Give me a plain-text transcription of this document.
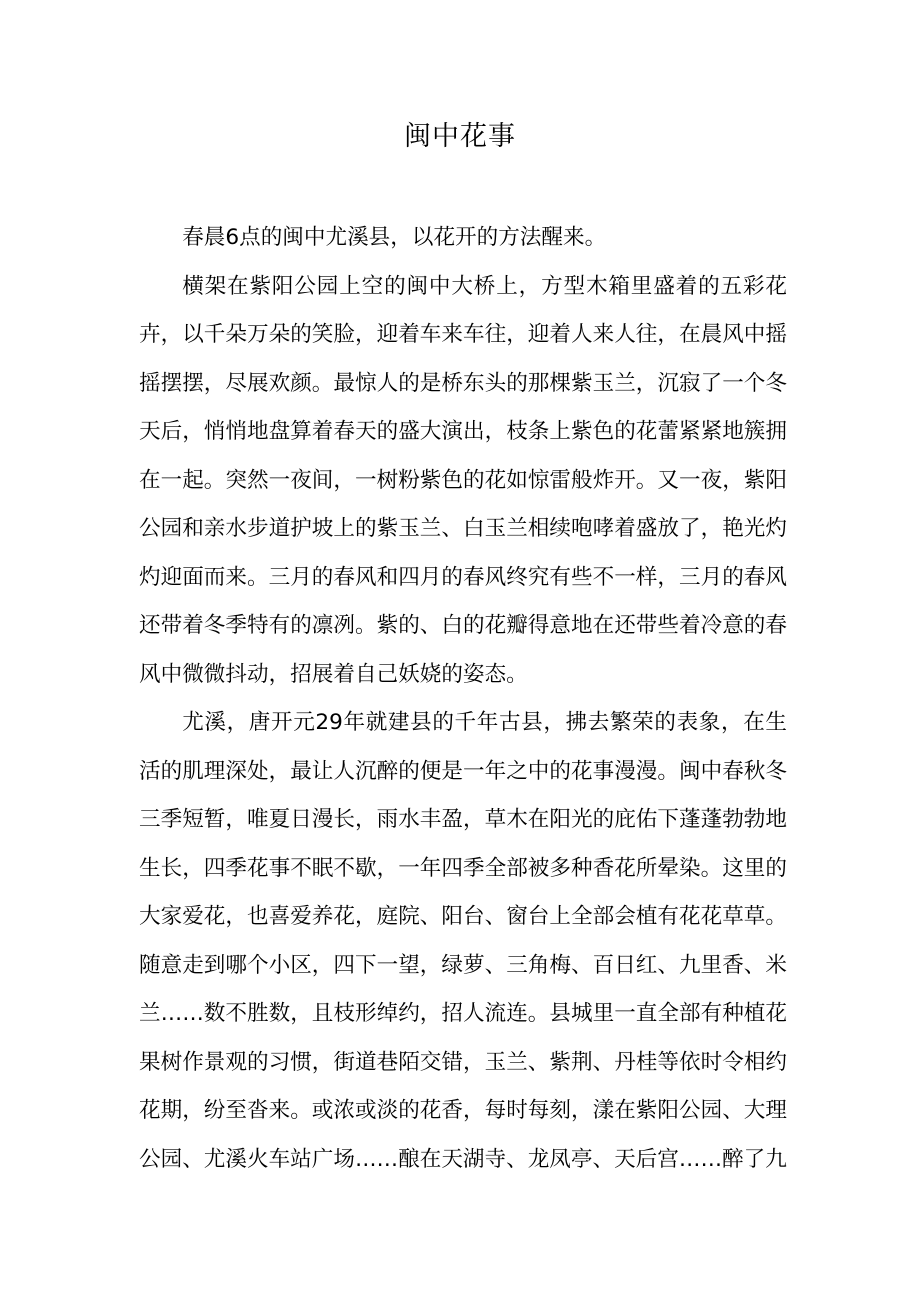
闽中花事

春晨6点的闽中尤溪县，以花开的方法醒来。

横架在紫阳公园上空的闽中大桥上，方型木箱里盛着的五彩花卉，以千朵万朵的笑脸，迎着车来车往，迎着人来人往，在晨风中摇摇摆摆，尽展欢颜。最惊人的是桥东头的那棵紫玉兰，沉寂了一个冬天后，悄悄地盘算着春天的盛大演出，枝条上紫色的花蕾紧紧地簇拥在一起。突然一夜间，一树粉紫色的花如惊雷般炸开。又一夜，紫阳公园和亲水步道护坡上的紫玉兰、白玉兰相续咆哮着盛放了，艳光灼灼迎面而来。三月的春风和四月的春风终究有些不一样，三月的春风还带着冬季特有的凛冽。紫的、白的花瓣得意地在还带些着冷意的春风中微微抖动，招展着自己妖娆的姿态。

尤溪，唐开元29年就建县的千年古县，拂去繁荣的表象，在生活的肌理深处，最让人沉醉的便是一年之中的花事漫漫。闽中春秋冬三季短暂，唯夏日漫长，雨水丰盈，草木在阳光的庇佑下蓬蓬勃勃地生长，四季花事不眠不歇，一年四季全部被多种香花所晕染。这里的大家爱花，也喜爱养花，庭院、阳台、窗台上全部会植有花花草草。随意走到哪个小区，四下一望，绿萝、三角梅、百日红、九里香、米兰……数不胜数，且枝形绰约，招人流连。县城里一直全部有种植花果树作景观的习惯，街道巷陌交错，玉兰、紫荆、丹桂等依时令相约花期，纷至沓来。或浓或淡的花香，每时每刻，漾在紫阳公园、大理公园、尤溪火车站广场……酿在天湖寺、龙凤亭、天后宫……醉了九
